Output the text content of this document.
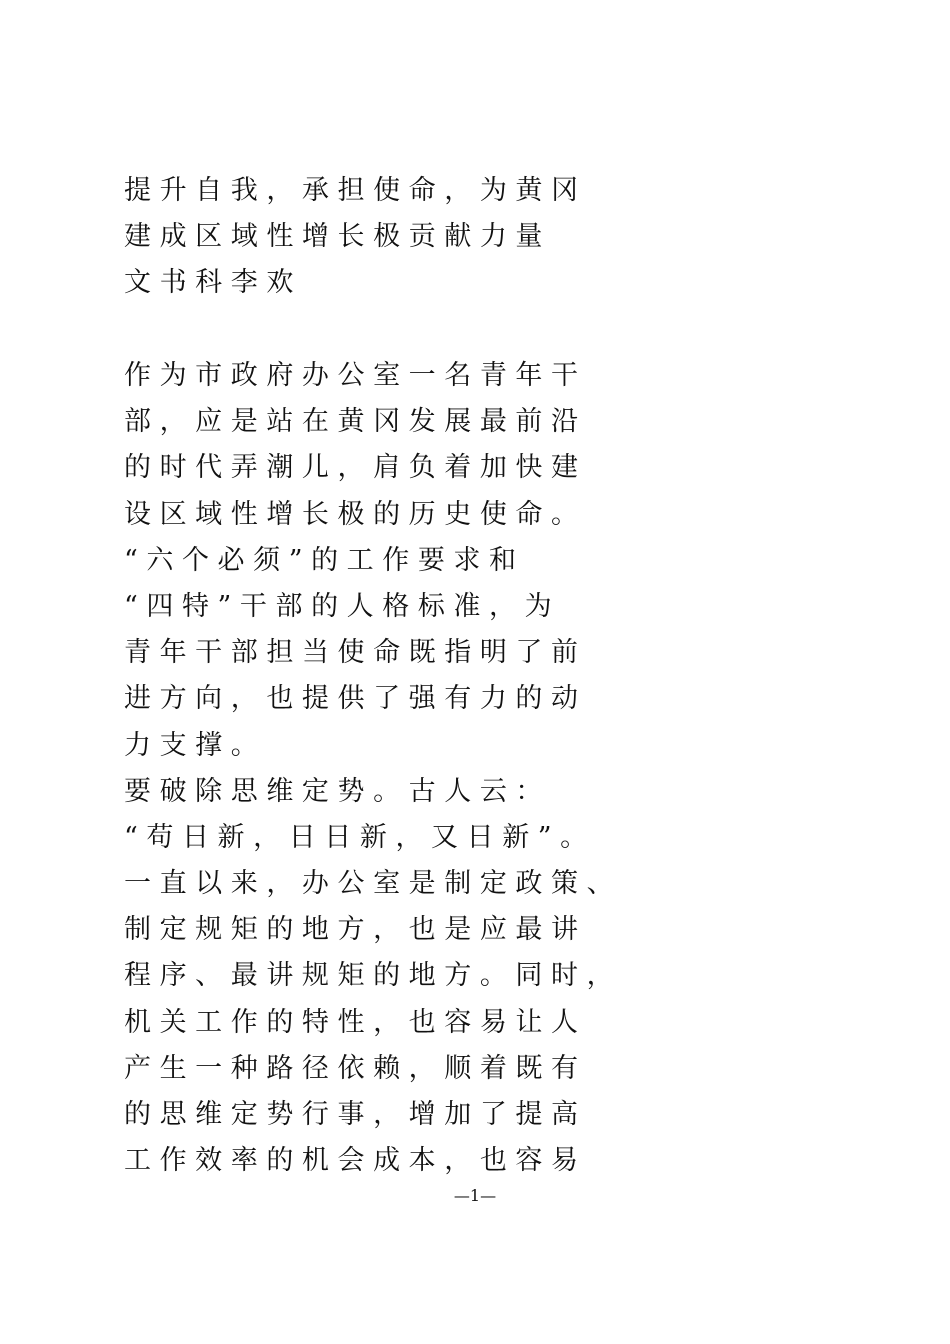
提 升 自 我 ， 承 担 使 命 ， 为 黄 冈
建 成 区 域 性 增 长 极 贡 献 力 量
文 书 科 李 欢
作 为 市 政 府 办 公 室 一 名 青 年 干
部 ， 应 是 站 在 黄 冈 发 展 最 前 沿
的 时 代 弄 潮 儿 ， 肩 负 着 加 快 建
设 区 域 性 增 长 极 的 历 史 使 命 。
“ 六 个 必 须 ” 的 工 作 要 求 和
“ 四 特 ” 干 部 的 人 格 标 准 ， 为
青 年 干 部 担 当 使 命 既 指 明 了 前
进 方 向 ， 也 提 供 了 强 有 力 的 动
力 支 撑 。
要 破 除 思 维 定 势 。 古 人 云 ：
“ 苟 日 新 ， 日 日 新 ， 又 日 新 ” 。
一 直 以 来 ， 办 公 室 是 制 定 政 策 、
制 定 规 矩 的 地 方 ， 也 是 应 最 讲
程 序 、 最 讲 规 矩 的 地 方 。 同 时 ，
机 关 工 作 的 特 性 ， 也 容 易 让 人
产 生 一 种 路 径 依 赖 ， 顺 着 既 有
的 思 维 定 势 行 事 ， 增 加 了 提 高
工 作 效 率 的 机 会 成 本 ， 也 容 易
—1—
